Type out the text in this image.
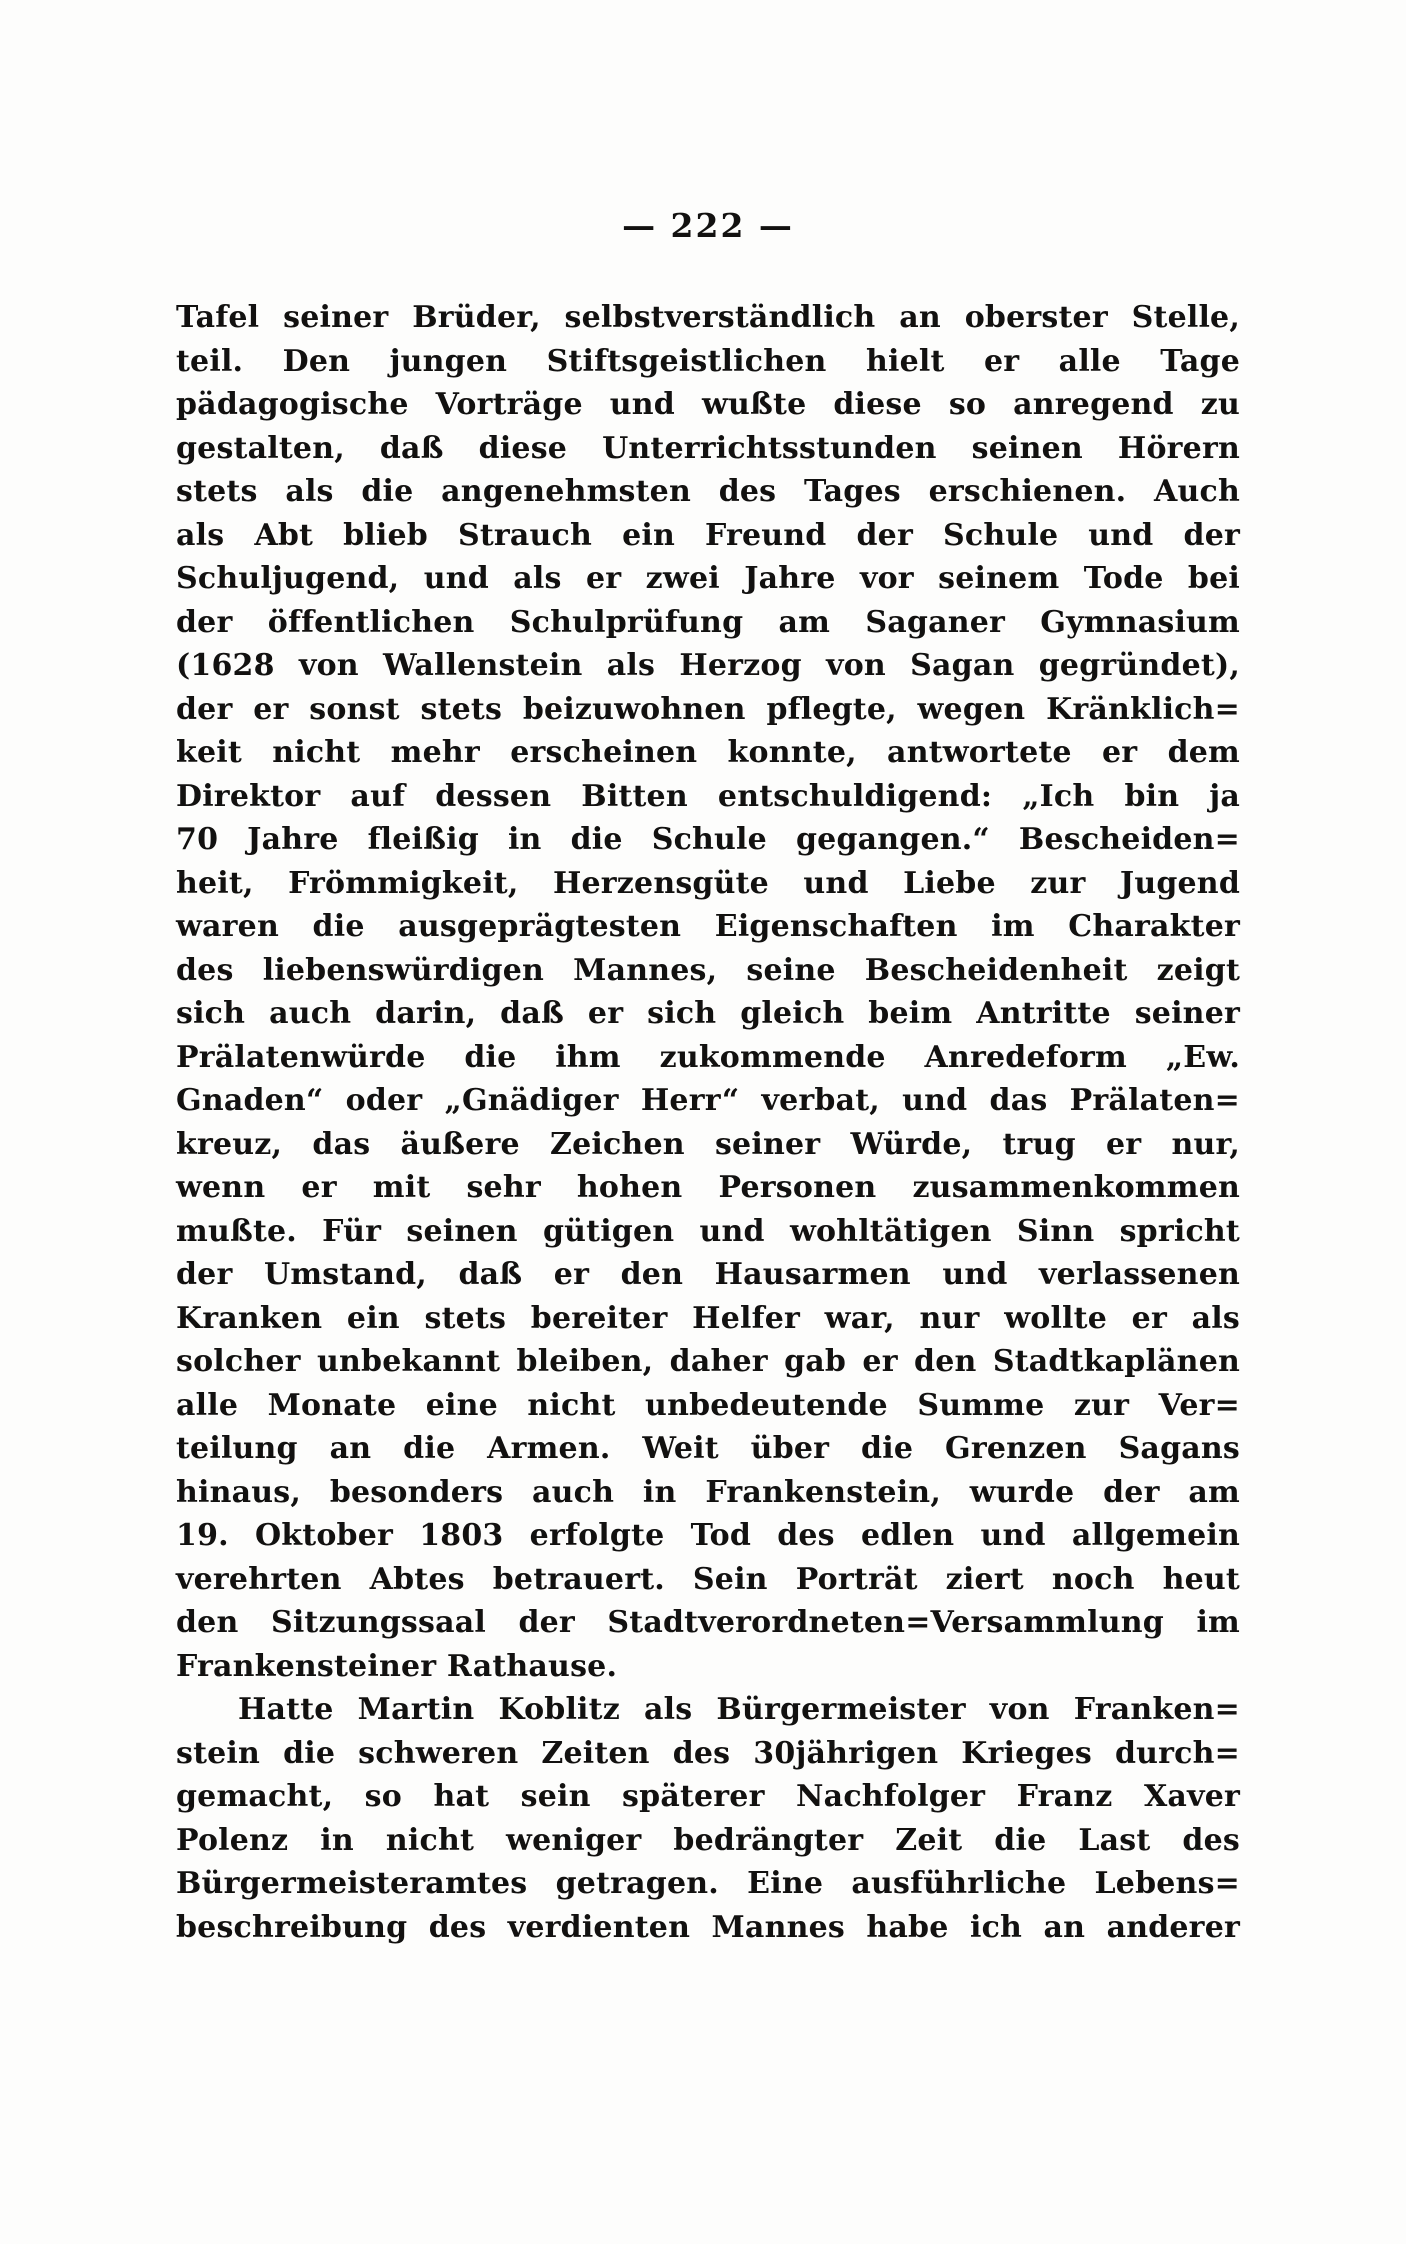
— 222 —
Tafel seiner Brüder, selbstverständlich an oberster Stelle,
teil. Den jungen Stiftsgeistlichen hielt er alle Tage
pädagogische Vorträge und wußte diese so anregend zu
gestalten, daß diese Unterrichtsstunden seinen Hörern
stets als die angenehmsten des Tages erschienen. Auch
als Abt blieb Strauch ein Freund der Schule und der
Schuljugend, und als er zwei Jahre vor seinem Tode bei
der öffentlichen Schulprüfung am Saganer Gymnasium
(1628 von Wallenstein als Herzog von Sagan gegründet),
der er sonst stets beizuwohnen pflegte, wegen Kränklich=
keit nicht mehr erscheinen konnte, antwortete er dem
Direktor auf dessen Bitten entschuldigend: „Ich bin ja
70 Jahre fleißig in die Schule gegangen.“ Bescheiden=
heit, Frömmigkeit, Herzensgüte und Liebe zur Jugend
waren die ausgeprägtesten Eigenschaften im Charakter
des liebenswürdigen Mannes, seine Bescheidenheit zeigt
sich auch darin, daß er sich gleich beim Antritte seiner
Prälatenwürde die ihm zukommende Anredeform „Ew.
Gnaden“ oder „Gnädiger Herr“ verbat, und das Prälaten=
kreuz, das äußere Zeichen seiner Würde, trug er nur,
wenn er mit sehr hohen Personen zusammenkommen
mußte. Für seinen gütigen und wohltätigen Sinn spricht
der Umstand, daß er den Hausarmen und verlassenen
Kranken ein stets bereiter Helfer war, nur wollte er als
solcher unbekannt bleiben, daher gab er den Stadtkaplänen
alle Monate eine nicht unbedeutende Summe zur Ver=
teilung an die Armen. Weit über die Grenzen Sagans
hinaus, besonders auch in Frankenstein, wurde der am
19. Oktober 1803 erfolgte Tod des edlen und allgemein
verehrten Abtes betrauert. Sein Porträt ziert noch heut
den Sitzungssaal der Stadtverordneten=Versammlung im
Frankensteiner Rathause.
Hatte Martin Koblitz als Bürgermeister von Franken=
stein die schweren Zeiten des 30jährigen Krieges durch=
gemacht, so hat sein späterer Nachfolger Franz Xaver
Polenz in nicht weniger bedrängter Zeit die Last des
Bürgermeisteramtes getragen. Eine ausführliche Lebens=
beschreibung des verdienten Mannes habe ich an anderer
